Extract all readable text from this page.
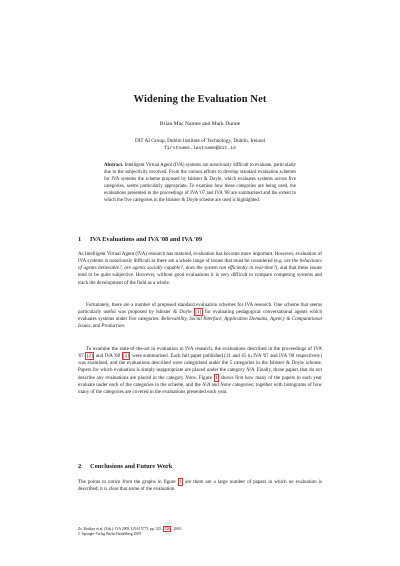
Widening the Evaluation Net
Brian Mac Namee and Mark Dunne
DIT AI Group, Dublin Institute of Technology, Dublin, Ireland
firstname.lastname@dit.ie
Abstract. Intelligent Virtual Agent (IVA) systems are notoriously difficult to evaluate, particularly due to the subjectivity involved. From the various efforts to develop standard evaluation schemes for IVA systems the scheme proposed by Isbister & Doyle, which evaluates systems across five categories, seems particularly appropriate. To examine how these categories are being used, the evaluations presented in the proceedings of IVA '07 and IVA '08 are summarised and the extent to which the five categories in the Isbister & Doyle scheme are used is highlighted.
1 IVA Evaluations and IVA '08 and IVA '09

As Intelligent Virtual Agent (IVA) research has matured, evaluation has become more important. However, evaluation of IVA systems is notoriously difficult as there are a whole range of issues that must be considered (e.g. are the behaviours of agents believable?, are agents socially capable?, does the system run efficiently in real-time?), and that these issues tend to be quite subjective. However, without good evaluations it is very difficult to compare competing systems and track the development of the field as a whole.

Fortunately, there are a number of proposed standard evaluation schemes for IVA research. One scheme that seems particularly useful was proposed by Isbister & Doyle [1] for evaluating pedagogical conversational agents which evaluates systems under five categories: Believability, Social Interface, Application Domains, Agency & Computational Issues, and Production.

To examine the state-of-the-art in evaluation in IVA research, the evaluations described in the proceedings of IVA '07 [2] and IVA '08 [3] were summarised. Each full paper published (31 and 45 in IVA '07 and IVA '08 respectively) was examined, and the evaluations described were categorised under the 5 categories in the Isbister & Doyle scheme. Papers for which evaluation is simply inappropriate are placed under the category N/A. Finally, those papers that do not describe any evaluations are placed in the category None. Figure 1 shows first how many of the papers in each year evaluate under each of the categories in the scheme, and the N/A and None categories; together with histograms of how many of the categories are covered in the evaluations presented each year.

2 Conclusions and Future Work

The points to notice from the graphs in figure 1 are there are a large number of papers in which no evaluation is described; it is clear that some of the evaluation

Zs. Ruttkay et al. (Eds.): IVA 2009, LNAI 5773, pp. 525– 526 , 2009.
© Springer-Verlag Berlin Heidelberg 2009
